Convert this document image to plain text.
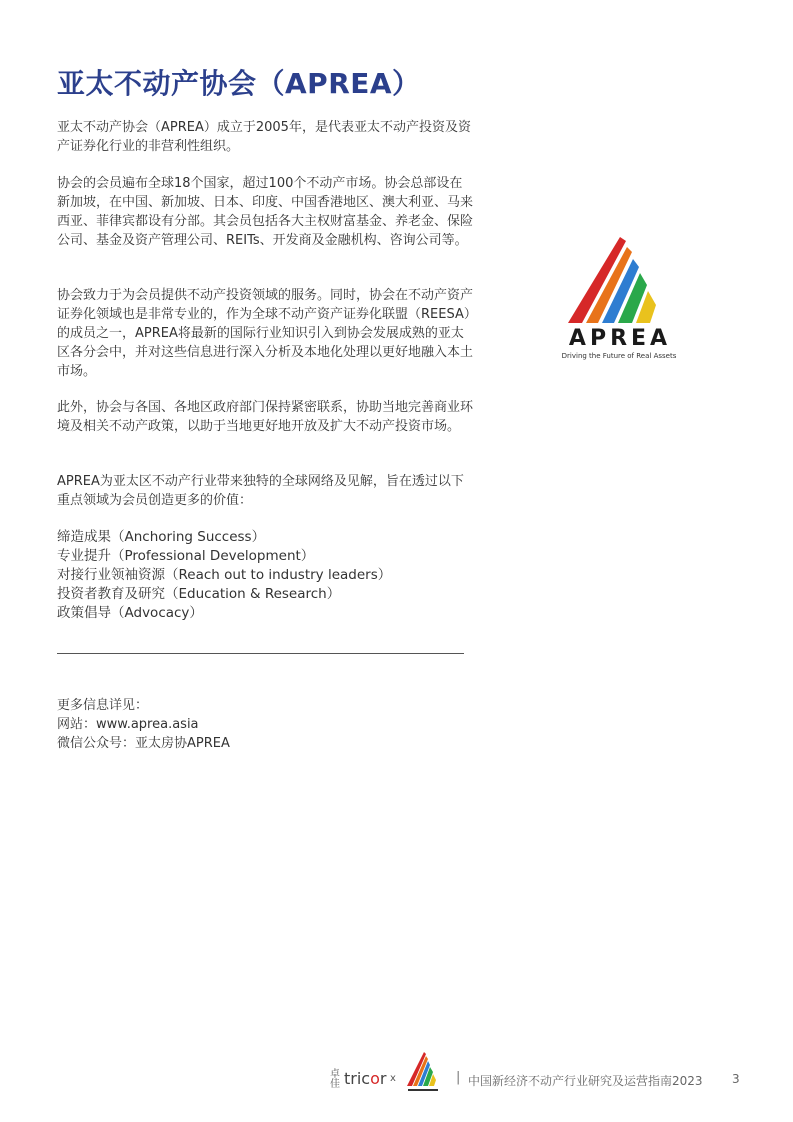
亚太不动产协会（APREA）
亚太不动产协会（APREA）成立于2005年，是代表亚太不动产投资及资产证券化行业的非营利性组织。
协会的会员遍布全球18个国家，超过100个不动产市场。协会总部设在新加坡，在中国、新加坡、日本、印度、中国香港地区、澳大利亚、马来西亚、菲律宾都设有分部。其会员包括各大主权财富基金、养老金、保险公司、基金及资产管理公司、REITs、开发商及金融机构、咨询公司等。
协会致力于为会员提供不动产投资领域的服务。同时，协会在不动产资产证券化领域也是非常专业的，作为全球不动产资产证券化联盟（REESA）的成员之一，APREA将最新的国际行业知识引入到协会发展成熟的亚太区各分会中，并对这些信息进行深入分析及本地化处理以更好地融入本土市场。
此外，协会与各国、各地区政府部门保持紧密联系，协助当地完善商业环境及相关不动产政策，以助于当地更好地开放及扩大不动产投资市场。
APREA为亚太区不动产行业带来独特的全球网络及见解，旨在透过以下重点领域为会员创造更多的价值：
缔造成果（Anchoring Success）
专业提升（Professional Development）
对接行业领袖资源（Reach out to industry leaders）
投资者教育及研究（Education & Research）
政策倡导（Advocacy）
更多信息详见：
网站：www.aprea.asia
微信公众号：亚太房协APREA
APREA
Driving the Future of Real Assets
卓佳 tricor x	| 中国新经济不动产行业研究及运营指南2023 3
